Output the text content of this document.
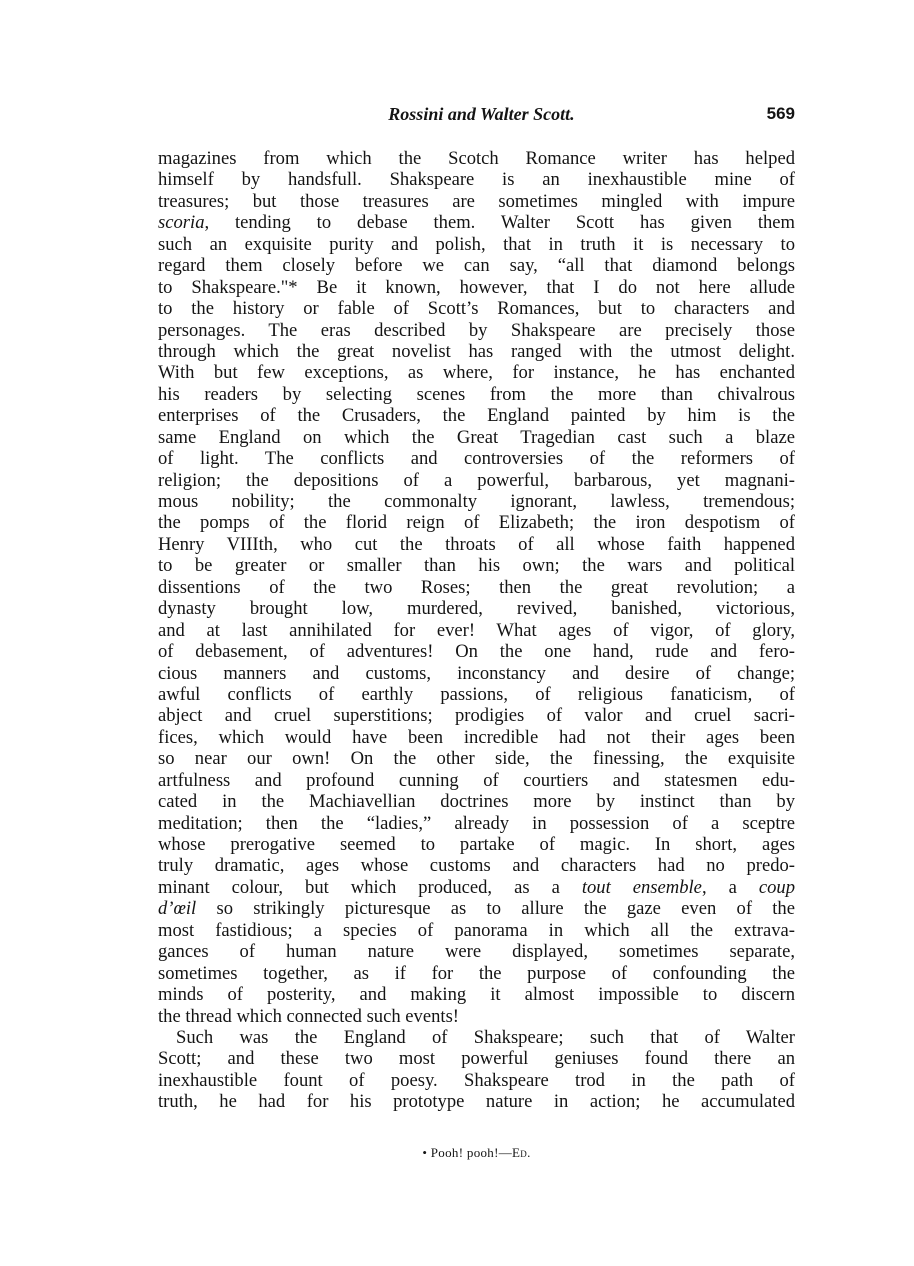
Rossini and Walter Scott.	569
magazines from which the Scotch Romance writer has helped
himself by handsfull. Shakspeare is an inexhaustible mine of
treasures; but those treasures are sometimes mingled with impure
scoria, tending to debase them. Walter Scott has given them
such an exquisite purity and polish, that in truth it is necessary to
regard them closely before we can say, “all that diamond belongs
to Shakspeare."* Be it known, however, that I do not here allude
to the history or fable of Scott’s Romances, but to characters and
personages. The eras described by Shakspeare are precisely those
through which the great novelist has ranged with the utmost delight.
With but few exceptions, as where, for instance, he has enchanted
his readers by selecting scenes from the more than chivalrous
enterprises of the Crusaders, the England painted by him is the
same England on which the Great Tragedian cast such a blaze
of light. The conflicts and controversies of the reformers of
religion; the depositions of a powerful, barbarous, yet magnani-
mous nobility; the commonalty ignorant, lawless, tremendous;
the pomps of the florid reign of Elizabeth; the iron despotism of
Henry VIIIth, who cut the throats of all whose faith happened
to be greater or smaller than his own; the wars and political
dissentions of the two Roses; then the great revolution; a
dynasty brought low, murdered, revived, banished, victorious,
and at last annihilated for ever! What ages of vigor, of glory,
of debasement, of adventures! On the one hand, rude and fero-
cious manners and customs, inconstancy and desire of change;
awful conflicts of earthly passions, of religious fanaticism, of
abject and cruel superstitions; prodigies of valor and cruel sacri-
fices, which would have been incredible had not their ages been
so near our own! On the other side, the finessing, the exquisite
artfulness and profound cunning of courtiers and statesmen edu-
cated in the Machiavellian doctrines more by instinct than by
meditation; then the “ladies,” already in possession of a sceptre
whose prerogative seemed to partake of magic. In short, ages
truly dramatic, ages whose customs and characters had no predo-
minant colour, but which produced, as a tout ensemble, a coup
d’œil so strikingly picturesque as to allure the gaze even of the
most fastidious; a species of panorama in which all the extrava-
gances of human nature were displayed, sometimes separate,
sometimes together, as if for the purpose of confounding the
minds of posterity, and making it almost impossible to discern
the thread which connected such events!
Such was the England of Shakspeare; such that of Walter
Scott; and these two most powerful geniuses found there an
inexhaustible fount of poesy. Shakspeare trod in the path of
truth, he had for his prototype nature in action; he accumulated
• Pooh! pooh!—Ed.
